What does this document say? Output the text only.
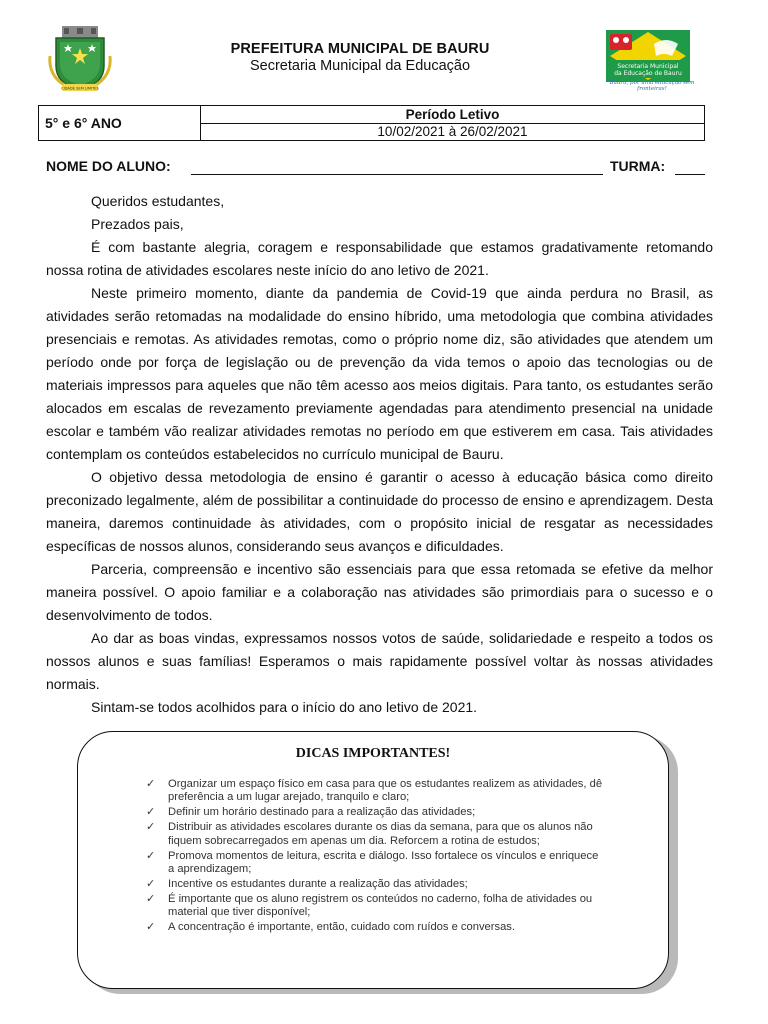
CIDADE SEM LIMITES
PREFEITURA MUNICIPAL DE BAURU
Secretaria Municipal da Educação	Secretaria Municipal
da Educação de Bauru
Bauru, por uma educação sem fronteiras!
5° e 6° ANO
Período Letivo
10/02/2021 à 26/02/2021
NOME DO ALUNO:	TURMA:

Queridos estudantes,

Prezados pais,

É com bastante alegria, coragem e responsabilidade que estamos gradativamente retomando nossa rotina de atividades escolares neste início do ano letivo de 2021.

Neste primeiro momento, diante da pandemia de Covid-19 que ainda perdura no Brasil, as atividades serão retomadas na modalidade do ensino híbrido, uma metodologia que combina atividades presenciais e remotas. As atividades remotas, como o próprio nome diz, são atividades que atendem um período onde por força de legislação ou de prevenção da vida temos o apoio das tecnologias ou de materiais impressos para aqueles que não têm acesso aos meios digitais. Para tanto, os estudantes serão alocados em escalas de revezamento previamente agendadas para atendimento presencial na unidade escolar e também vão realizar atividades remotas no período em que estiverem em casa. Tais atividades contemplam os conteúdos estabelecidos no currículo municipal de Bauru.

O objetivo dessa metodologia de ensino é garantir o acesso à educação básica como direito preconizado legalmente, além de possibilitar a continuidade do processo de ensino e aprendizagem. Desta maneira, daremos continuidade às atividades, com o propósito inicial de resgatar as necessidades específicas de nossos alunos, considerando seus avanços e dificuldades.

Parceria, compreensão e incentivo são essenciais para que essa retomada se efetive da melhor maneira possível. O apoio familiar e a colaboração nas atividades são primordiais para o sucesso e o desenvolvimento de todos.

Ao dar as boas vindas, expressamos nossos votos de saúde, solidariedade e respeito a todos os nossos alunos e suas famílias! Esperamos o mais rapidamente possível voltar às nossas atividades normais.

Sintam-se todos acolhidos para o início do ano letivo de 2021.

DICAS IMPORTANTES!
✓ Organizar um espaço físico em casa para que os estudantes realizem as atividades, dê preferência a um lugar arejado, tranquilo e claro;
✓ Definir um horário destinado para a realização das atividades;
✓ Distribuir as atividades escolares durante os dias da semana, para que os alunos não fiquem sobrecarregados em apenas um dia. Reforcem a rotina de estudos;
✓ Promova momentos de leitura, escrita e diálogo. Isso fortalece os vínculos e enriquece a aprendizagem;
✓ Incentive os estudantes durante a realização das atividades;
✓ É importante que os aluno registrem os conteúdos no caderno, folha de atividades ou material que tiver disponível;
✓ A concentração é importante, então, cuidado com ruídos e conversas.
